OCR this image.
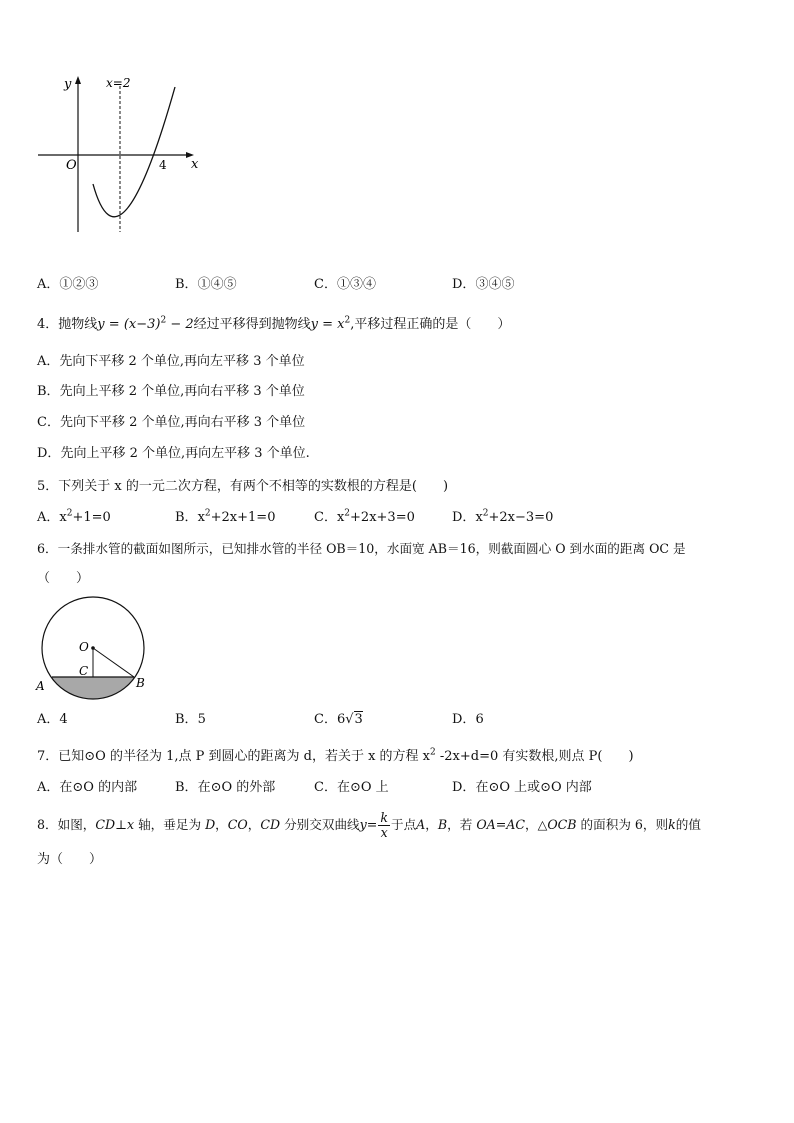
y
x
O
x=2
4
A．①②③	B．①④⑤	C．①③④	D．③④⑤
4．抛物线$y = (x-3)^2 - 2$经过平移得到抛物线$y = x^2$,平移过程正确的是（　　）
A．先向下平移 2 个单位,再向左平移 3 个单位
B．先向上平移 2 个单位,再向右平移 3 个单位
C．先向下平移 2 个单位,再向右平移 3 个单位
D．先向上平移 2 个单位,再向左平移 3 个单位.
5．下列关于 x 的一元二次方程，有两个不相等的实数根的方程是(　　)
A．$x^2+1=0$	B．$x^2+2x+1=0$	C．$x^2+2x+3=0$	D．$x^2+2x-3=0$
6．一条排水管的截面如图所示，已知排水管的半径 OB＝10，水面宽 AB＝16，则截面圆心 O 到水面的距离 OC 是
（　　）
O
C
A	B
A．4	B．5	C．6√3	D．6
7．已知⊙O 的半径为 1,点 P 到圆心的距离为 d，若关于 x 的方程 $x^2$ -2x+d=0 有实数根,则点 P(　　)
A．在⊙O 的内部	B．在⊙O 的外部	C．在⊙O 上	D．在⊙O 上或⊙O 内部
8．如图，CD⊥x 轴，垂足为 D，CO，CD 分别交双曲线$y= \frac{k}{x}$ 于点A，B，若 OA=AC，△OCB 的面积为 6，则k的值
为（　　）
